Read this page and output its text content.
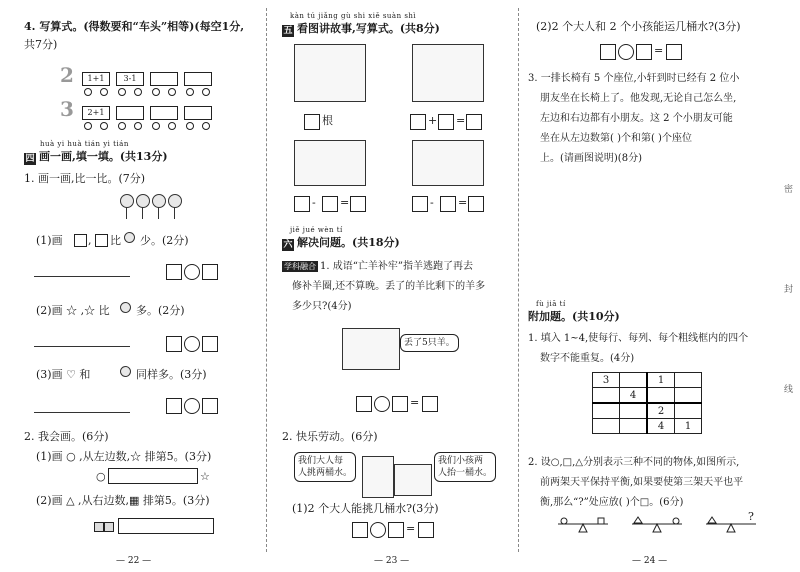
4. 写算式。(得数要和“车头”相等)(每空1分,
共7分)
2	1+1	3-1
3	2+1
huà yi huà tián yi tián
四 画一画,填一填。(共13分)
1. 画一画,比一比。(7分)
(1)画 , 比 少。(2分)
(2)画 ☆ ,☆ 比 多。(2分)
(3)画 ♡ 和	同样多。(3分)
2. 我会画。(6分)
(1)画 ○ ,从左边数,☆ 排第5。(3分)
○	☆
(2)画 △ ,从右边数,▦ 排第5。(3分)
— 22 —
kàn tú jiǎng gù shi xiě suàn shì
五 看图讲故事,写算式。(共8分)
根	+ =
- =	- =
jiě jué wèn tí
六 解决问题。(共18分)
学科融合 1. 成语“亡羊补牢”指羊逃跑了再去
修补羊圈,还不算晚。丢了的羊比剩下的羊多
多少只?(4分)
丢了5只羊。
=
2. 快乐劳动。(6分)
我们大人每
人挑两桶水。
我们小孩两
人抬一桶水。
(1)2 个大人能挑几桶水?(3分)
=
— 23 —
(2)2 个大人和 2 个小孩能运几桶水?(3分)
=
3. 一排长椅有 5 个座位,小轩到时已经有 2 位小
朋友坐在长椅上了。他发现,无论自己怎么坐,
左边和右边都有小朋友。这 2 个小朋友可能
坐在从左边数第( )个和第( )个座位
上。(请画图说明)(8分)
fù jiā tí
附加题。(共10分)
1. 填入 1~4,使每行、每列、每个粗线框内的四个
数字不能重复。(4分)
3		1	
	4		
		2	
		4	1
2. 设○,□,△分别表示三种不同的物体,如图所示,
前两架天平保持平衡,如果要使第三架天平也平
衡,那么“?”处应放( )个□。(6分)
?
密
封
线
— 24 —
